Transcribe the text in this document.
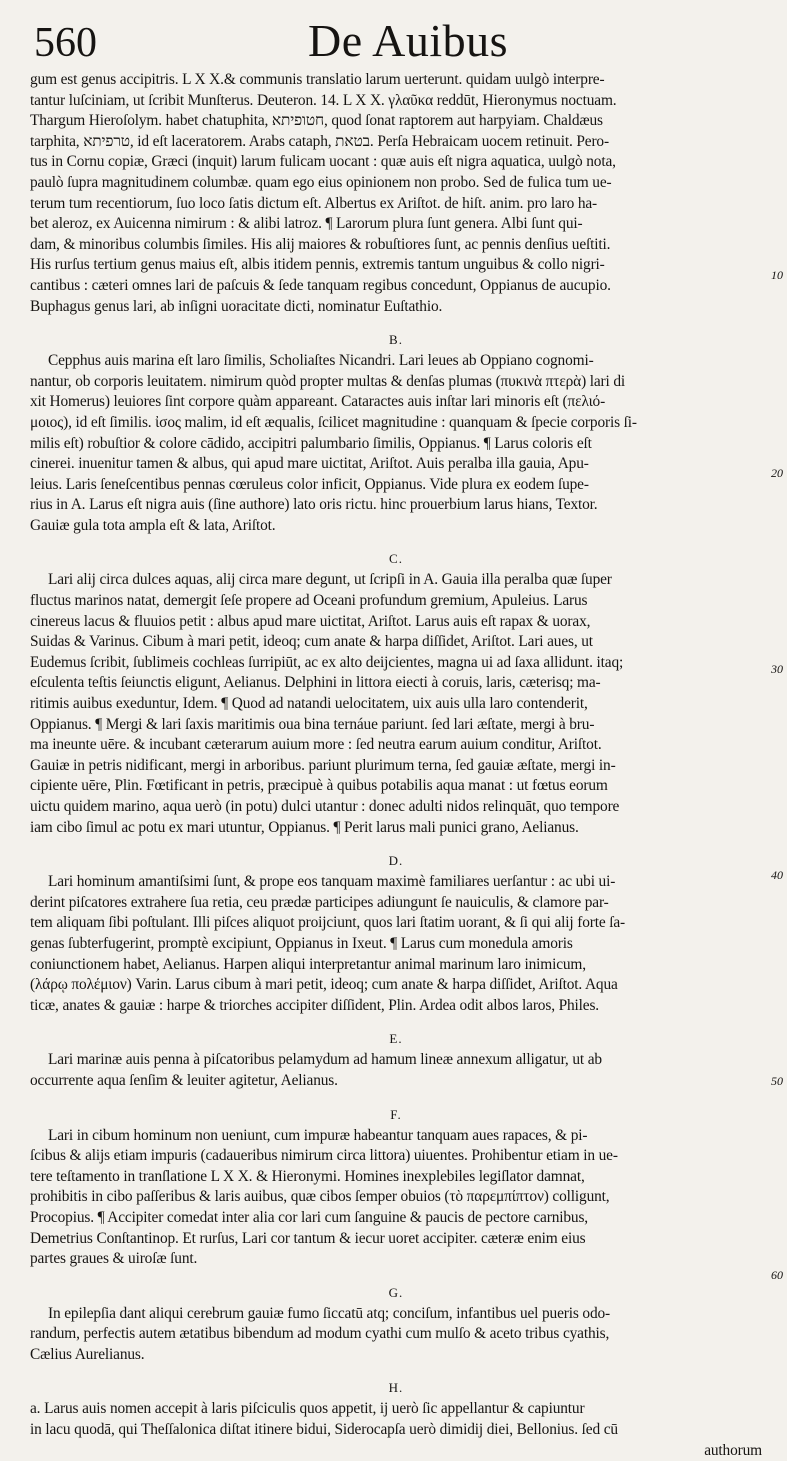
560	De Auibus
gum est genus accipitris. L X X.& communis translatio larum uerterunt. quidam uulgò interpre-
tantur luſciniam, ut ſcribit Munſterus. Deuteron. 14. L X X. γλαῦκα reddūt, Hieronymus noctuam.
Thargum Hieroſolym. habet chatuphita, חטופיתא, quod ſonat raptorem aut harpyiam. Chaldæus
tarphita, טרפיתא, id eſt laceratorem. Arabs cataph, בטאת. Perſa Hebraicam uocem retinuit. Pero-
tus in Cornu copiæ, Græci (inquit) larum fulicam uocant : quæ auis eſt nigra aquatica, uulgò nota,
paulò ſupra magnitudinem columbæ. quam ego eius opinionem non probo. Sed de fulica tum ue-
terum tum recentiorum, ſuo loco ſatis dictum eſt. Albertus ex Ariſtot. de hiſt. anim. pro laro ha-
bet aleroz, ex Auicenna nimirum : & alibi latroz. ¶ Larorum plura ſunt genera. Albi ſunt qui-
dam, & minoribus columbis ſimiles. His alij maiores & robuſtiores ſunt, ac pennis denſius ueſtiti.
His rurſus tertium genus maius eſt, albis itidem pennis, extremis tantum unguibus & collo nigri-
cantibus : cæteri omnes lari de paſcuis & ſede tanquam regibus concedunt, Oppianus de aucupio.
Buphagus genus lari, ab inſigni uoracitate dicti, nominatur Euſtathio.
B.
Cepphus auis marina eſt laro ſimilis, Scholiaſtes Nicandri. Lari leues ab Oppiano cognomi-
nantur, ob corporis leuitatem. nimirum quòd propter multas & denſas plumas (πυκινὰ πτερὰ) lari di
xit Homerus) leuiores ſint corpore quàm appareant. Cataractes auis inſtar lari minoris eſt (πελιό-
μοιος), id eſt ſimilis. ἰσος malim, id eſt æqualis, ſcilicet magnitudine : quanquam & ſpecie corporis ſi-
milis eſt) robuſtior & colore cādido, accipitri palumbario ſimilis, Oppianus. ¶ Larus coloris eſt
cinerei. inuenitur tamen & albus, qui apud mare uictitat, Ariſtot. Auis peralba illa gauia, Apu-
leius. Laris ſeneſcentibus pennas cœruleus color inficit, Oppianus. Vide plura ex eodem ſupe-
rius in A. Larus eſt nigra auis (ſine authore) lato oris rictu. hinc prouerbium larus hians, Textor.
Gauiæ gula tota ampla eſt & lata, Ariſtot.
C.
Lari alij circa dulces aquas, alij circa mare degunt, ut ſcripſi in A. Gauia illa peralba quæ ſuper
fluctus marinos natat, demergit ſeſe propere ad Oceani profundum gremium, Apuleius. Larus
cinereus lacus & fluuios petit : albus apud mare uictitat, Ariſtot. Larus auis eſt rapax & uorax,
Suidas & Varinus. Cibum à mari petit, ideoq; cum anate & harpa diſſidet, Ariſtot. Lari aues, ut
Eudemus ſcribit, ſublimeis cochleas ſurripiūt, ac ex alto deijcientes, magna ui ad ſaxa allidunt. itaq;
eſculenta teſtis ſeiunctis eligunt, Aelianus. Delphini in littora eiecti à coruis, laris, cæterisq; ma-
ritimis auibus exeduntur, Idem. ¶ Quod ad natandi uelocitatem, uix auis ulla laro contenderit,
Oppianus. ¶ Mergi & lari ſaxis maritimis oua bina ternáue pariunt. ſed lari æſtate, mergi à bru-
ma ineunte uēre. & incubant cæterarum auium more : ſed neutra earum auium conditur, Ariſtot.
Gauiæ in petris nidificant, mergi in arboribus. pariunt plurimum terna, ſed gauiæ æſtate, mergi in-
cipiente uēre, Plin. Fœtificant in petris, præcipuè à quibus potabilis aqua manat : ut fœtus eorum
uictu quidem marino, aqua uerò (in potu) dulci utantur : donec adulti nidos relinquāt, quo tempore
iam cibo ſimul ac potu ex mari utuntur, Oppianus. ¶ Perit larus mali punici grano, Aelianus.
D.
Lari hominum amantiſsimi ſunt, & prope eos tanquam maximè familiares uerſantur : ac ubi ui-
derint piſcatores extrahere ſua retia, ceu prædæ participes adiungunt ſe nauiculis, & clamore par-
tem aliquam ſibi poſtulant. Illi piſces aliquot proijciunt, quos lari ſtatim uorant, & ſi qui alij forte ſa-
genas ſubterfugerint, promptè excipiunt, Oppianus in Ixeut. ¶ Larus cum monedula amoris
coniunctionem habet, Aelianus. Harpen aliqui interpretantur animal marinum laro inimicum,
(λάρῳ πολέμιον) Varin. Larus cibum à mari petit, ideoq; cum anate & harpa diſſidet, Ariſtot. Aqua
ticæ, anates & gauiæ : harpe & triorches accipiter diſſident, Plin. Ardea odit albos laros, Philes.
E.
Lari marinæ auis penna à piſcatoribus pelamydum ad hamum lineæ annexum alligatur, ut ab
occurrente aqua ſenſim & leuiter agitetur, Aelianus.
F.
Lari in cibum hominum non ueniunt, cum impuræ habeantur tanquam aues rapaces, & pi-
ſcibus & alijs etiam impuris (cadaueribus nimirum circa littora) uiuentes. Prohibentur etiam in ue-
tere teſtamento in tranſlatione L X X. & Hieronymi. Homines inexplebiles legiſlator damnat,
prohibitis in cibo paſſeribus & laris auibus, quæ cibos ſemper obuios (τὸ παρεμπίπτον) colligunt,
Procopius. ¶ Accipiter comedat inter alia cor lari cum ſanguine & paucis de pectore carnibus,
Demetrius Conſtantinop. Et rurſus, Lari cor tantum & iecur uoret accipiter. cæteræ enim eius
partes graues & uiroſæ ſunt.
G.
In epilepſia dant aliqui cerebrum gauiæ fumo ſiccatū atq; conciſum, infantibus uel pueris odo-
randum, perfectis autem ætatibus bibendum ad modum cyathi cum mulſo & aceto tribus cyathis,
Cælius Aurelianus.
H.
a. Larus auis nomen accepit à laris piſciculis quos appetit, ij uerò ſic appellantur & capiuntur
in lacu quodā, qui Theſſalonica diſtat itinere bidui, Siderocapſa uerò dimidij diei, Bellonius. ſed cū
authorum
10
20
30
40
50
60
